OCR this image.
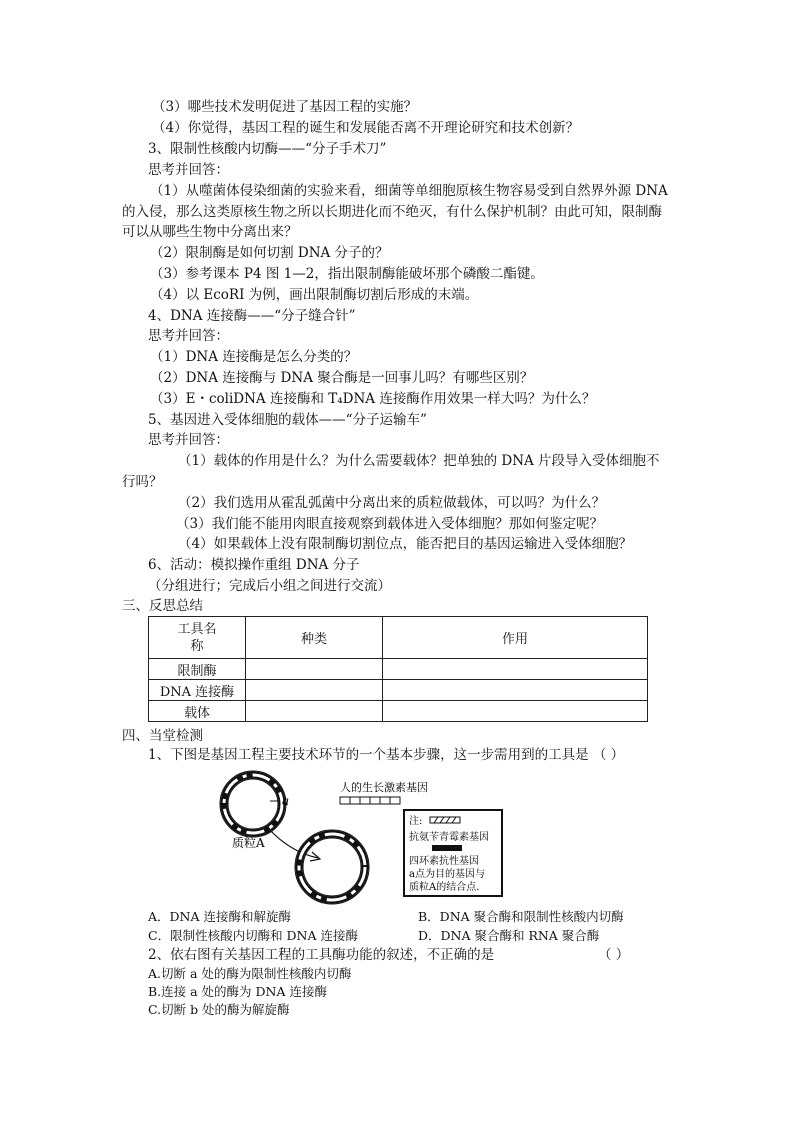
（3）哪些技术发明促进了基因工程的实施？
（4）你觉得，基因工程的诞生和发展能否离不开理论研究和技术创新？
3、限制性核酸内切酶——“分子手术刀”
思考并回答：
（1）从噬菌体侵染细菌的实验来看，细菌等单细胞原核生物容易受到自然界外源 DNA
的入侵，那么这类原核生物之所以长期进化而不绝灭，有什么保护机制？由此可知，限制酶
可以从哪些生物中分离出来？
（2）限制酶是如何切割 DNA 分子的？
（3）参考课本 P4 图 1—2，指出限制酶能破坏那个磷酸二酯键。
（4）以 EcoRI 为例，画出限制酶切割后形成的末端。
4、DNA 连接酶——“分子缝合针”
思考并回答：
（1）DNA 连接酶是怎么分类的？
（2）DNA 连接酶与 DNA 聚合酶是一回事儿吗？有哪些区别？
（3）E・coliDNA 连接酶和 T₄DNA 连接酶作用效果一样大吗？为什么？
5、基因进入受体细胞的载体——“分子运输车”
思考并回答：
（1）载体的作用是什么？为什么需要载体？把单独的 DNA 片段导入受体细胞不
行吗？
（2）我们选用从霍乱弧菌中分离出来的质粒做载体，可以吗？为什么？
（3）我们能不能用肉眼直接观察到载体进入受体细胞？那如何鉴定呢？
（4）如果载体上没有限制酶切割位点，能否把目的基因运输进入受体细胞？
6、活动：模拟操作重组 DNA 分子
（分组进行；完成后小组之间进行交流）
三、反思总结
工具名
称	种类	作用
限制酶		
DNA 连接酶		
载体		
四、当堂检测
1、下图是基因工程主要技术环节的一个基本步骤，这一步需用到的工具是 （ ）
a
质粒A
人的生长激素基因
注:
抗氨苄青霉素基因
四环素抗性基因
a点为目的基因与
质粒A的结合点.
A．DNA 连接酶和解旋酶	B．DNA 聚合酶和限制性核酸内切酶
C．限制性核酸内切酶和 DNA 连接酶	D．DNA 聚合酶和 RNA 聚合酶
2、依右图有关基因工程的工具酶功能的叙述，不正确的是	（ ）
A.切断 a 处的酶为限制性核酸内切酶
B.连接 a 处的酶为 DNA 连接酶
C.切断 b 处的酶为解旋酶
